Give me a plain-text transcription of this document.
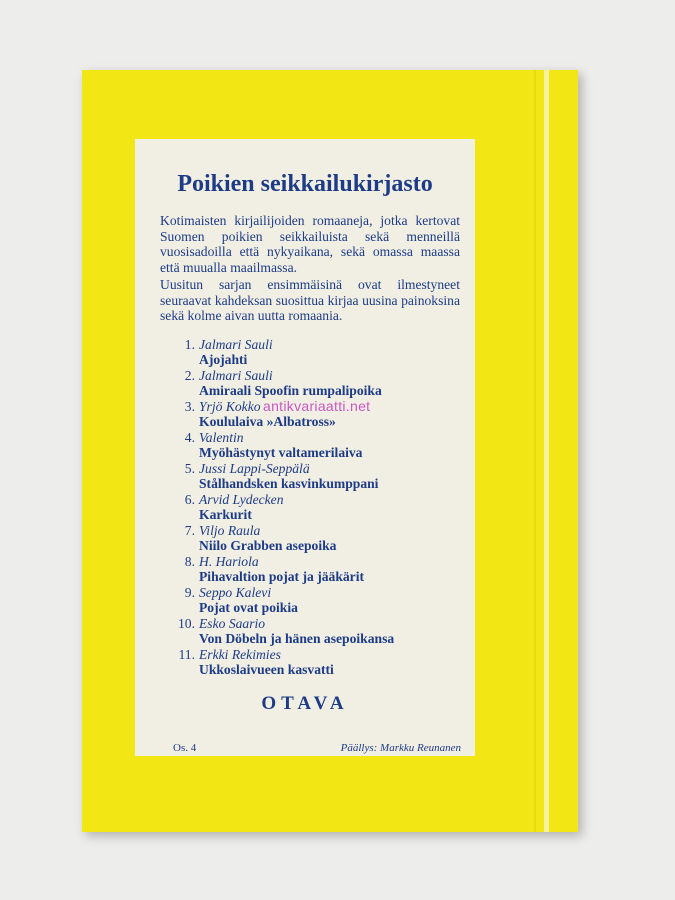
Poikien seikkailukirjasto
Kotimaisten kirjailijoiden romaaneja, jotka kertovat Suomen poikien seikkailuista sekä menneillä vuosisadoilla että nykyaikana, sekä omassa maassa että muualla maailmassa.
Uusitun sarjan ensimmäisinä ovat ilmestyneet seuraavat kahdeksan suosittua kirjaa uusina painoksina sekä kolme aivan uutta romaania.
1. Jalmari Sauli
Ajojahti
2. Jalmari Sauli
Amiraali Spoofin rumpalipoika
3. Yrjö Kokko
Koululaiva »Albatross»
4. Valentin
Myöhästynyt valtamerilaiva
5. Jussi Lappi-Seppälä
Stålhandsken kasvinkumppani
6. Arvid Lydecken
Karkurit
7. Viljo Raula
Niilo Grabben asepoika
8. H. Hariola
Pihavaltion pojat ja jääkärit
9. Seppo Kalevi
Pojat ovat poikia
10. Esko Saario
Von Döbeln ja hänen asepoikansa
11. Erkki Rekimies
Ukkoslaivueen kasvatti
OTAVA
Os. 4	Päällys: Markku Reunanen
antikvariaatti.net
